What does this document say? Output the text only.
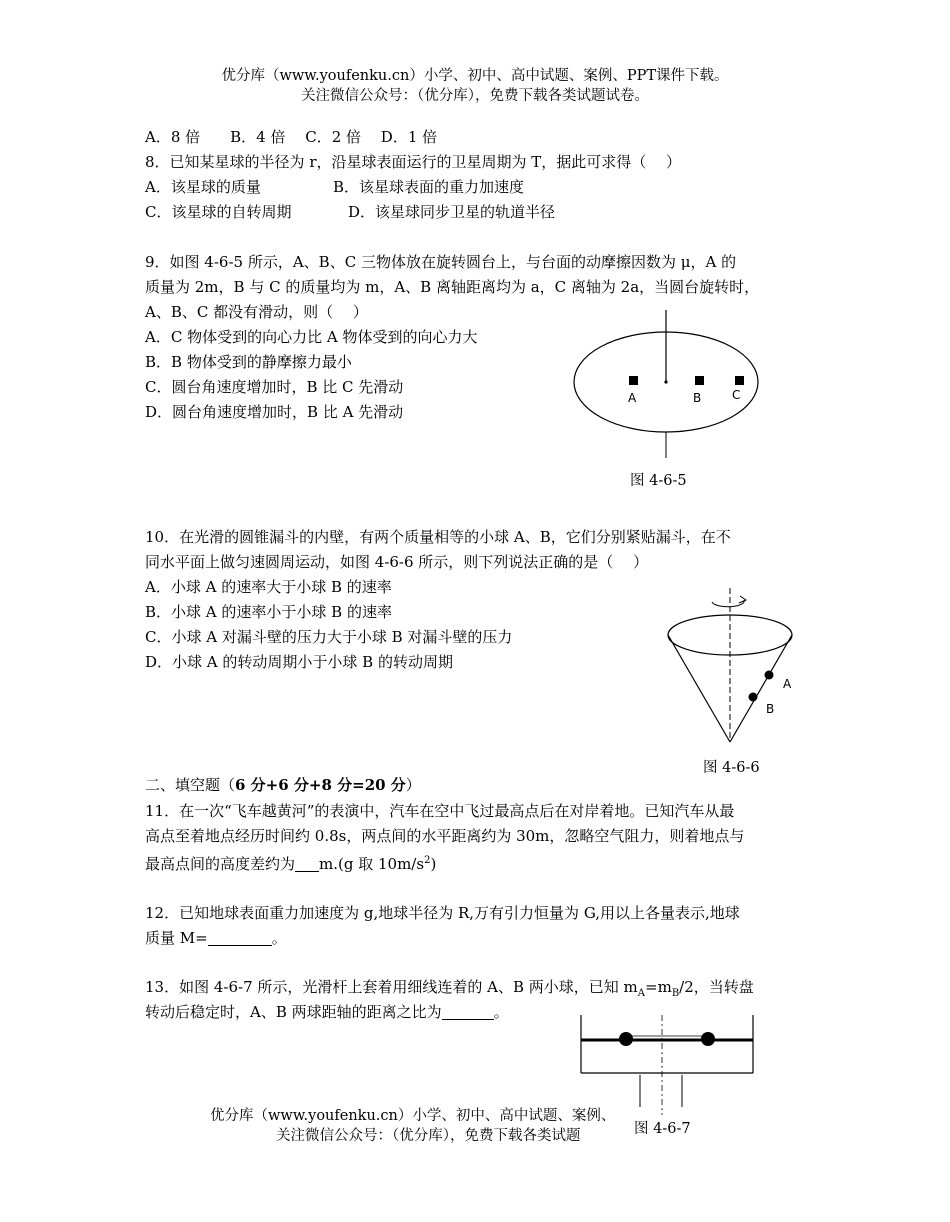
优分库（www.youfenku.cn）小学、初中、高中试题、案例、PPT课件下载。
关注微信公众号：（优分库），免费下载各类试题试卷。
A．8 倍　　B．4 倍　 C．2 倍　 D．1 倍
8．已知某星球的半径为 r，沿星球表面运行的卫星周期为 T，据此可求得（　 ）
A．该星球的质量	B．该星球表面的重力加速度
C．该星球的自转周期	D．该星球同步卫星的轨道半径
9．如图 4-6-5 所示，A、B、C 三物体放在旋转圆台上，与台面的动摩擦因数为 μ，A 的
质量为 2m，B 与 C 的质量均为 m，A、B 离轴距离均为 a，C 离轴为 2a，当圆台旋转时，
A、B、C 都没有滑动，则（　 ）
A．C 物体受到的向心力比 A 物体受到的向心力大
B．B 物体受到的静摩擦力最小
C．圆台角速度增加时，B 比 C 先滑动
D．圆台角速度增加时，B 比 A 先滑动
A	B	C
图 4-6-5
10．在光滑的圆锥漏斗的内壁，有两个质量相等的小球 A、B，它们分别紧贴漏斗，在不
同水平面上做匀速圆周运动，如图 4-6-6 所示，则下列说法正确的是（　 ）
A．小球 A 的速率大于小球 B 的速率
B．小球 A 的速率小于小球 B 的速率
C．小球 A 对漏斗壁的压力大于小球 B 对漏斗壁的压力
D．小球 A 的转动周期小于小球 B 的转动周期
A
B
图 4-6-6
二、填空题（6 分+6 分+8 分=20 分）
11．在一次“飞车越黄河”的表演中，汽车在空中飞过最高点后在对岸着地。已知汽车从最
高点至着地点经历时间约 0.8s，两点间的水平距离约为 30m，忽略空气阻力，则着地点与
最高点间的高度差约为 m.(g 取 $10m/s^2$)
12．已知地球表面重力加速度为 g,地球半径为 R,万有引力恒量为 G,用以上各量表示,地球
质量 M=	。
13．如图 4-6-7 所示，光滑杆上套着用细线连着的 A、B 两小球，已知 $m_A=m_B/2$，当转盘
转动后稳定时，A、B 两球距轴的距离之比为	。
优分库（www.youfenku.cn）小学、初中、高中试题、案例、
关注微信公众号：（优分库），免费下载各类试题	图 4-6-7
